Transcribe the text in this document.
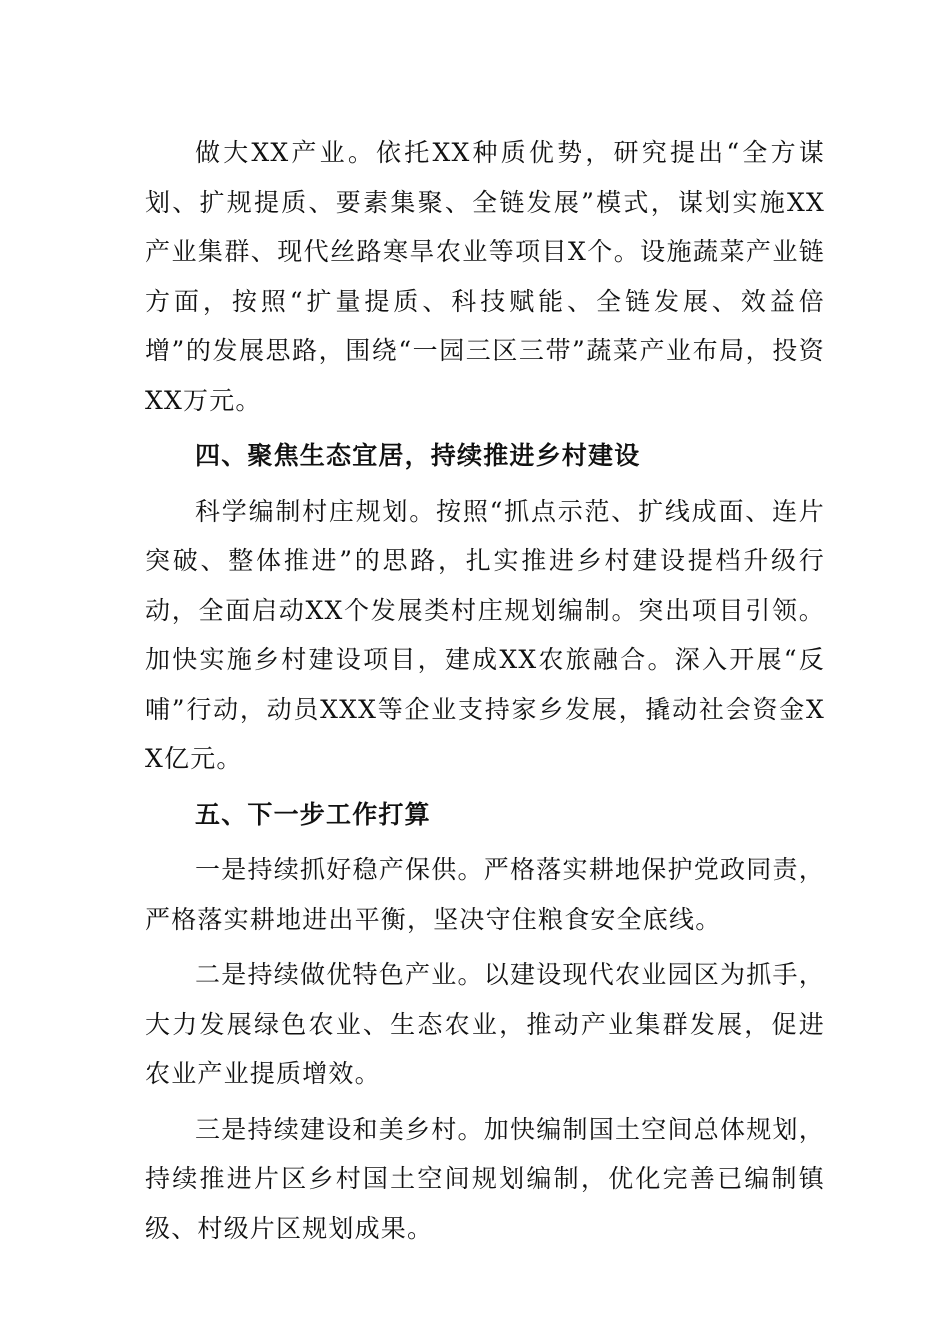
做大XX产业。依托XX种质优势，研究提出“全方谋划、扩规提质、要素集聚、全链发展”模式，谋划实施XX产业集群、现代丝路寒旱农业等项目X个。设施蔬菜产业链方面，按照“扩量提质、科技赋能、全链发展、效益倍增”的发展思路，围绕“一园三区三带”蔬菜产业布局，投资XX万元。

四、聚焦生态宜居，持续推进乡村建设

科学编制村庄规划。按照“抓点示范、扩线成面、连片突破、整体推进”的思路，扎实推进乡村建设提档升级行动，全面启动XX个发展类村庄规划编制。突出项目引领。加快实施乡村建设项目，建成XX农旅融合。深入开展“反哺”行动，动员XXX等企业支持家乡发展，撬动社会资金XX亿元。

五、下一步工作打算

一是持续抓好稳产保供。严格落实耕地保护党政同责，严格落实耕地进出平衡，坚决守住粮食安全底线。

二是持续做优特色产业。以建设现代农业园区为抓手，大力发展绿色农业、生态农业，推动产业集群发展，促进农业产业提质增效。

三是持续建设和美乡村。加快编制国土空间总体规划，持续推进片区乡村国土空间规划编制，优化完善已编制镇级、村级片区规划成果。
